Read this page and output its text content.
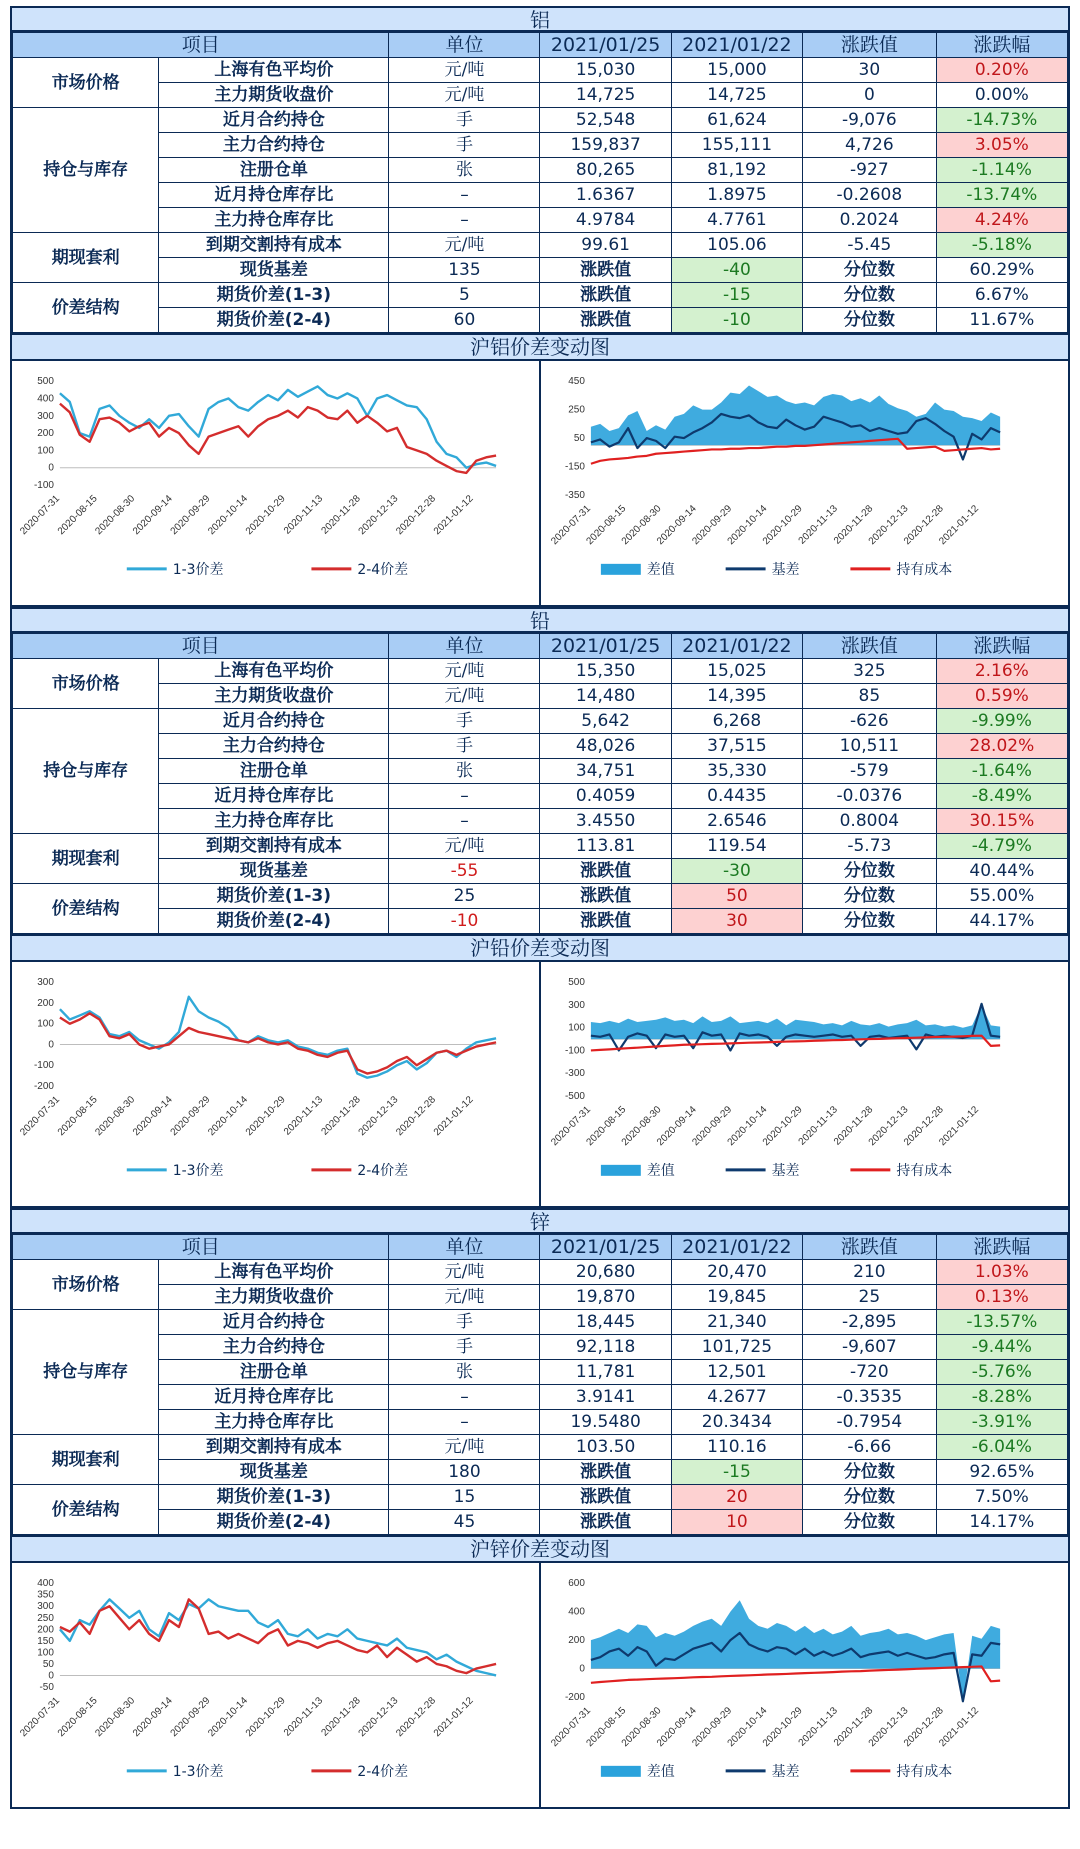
铝
项目		单位	2021/01/25	2021/01/22	涨跌值	涨跌幅
市场价格	上海有色平均价	元/吨	15,030	15,000	30	0.20%
	主力期货收盘价	元/吨	14,725	14,725	0	0.00%
持仓与库存	近月合约持仓	手	52,548	61,624	-9,076	-14.73%
	主力合约持仓	手	159,837	155,111	4,726	3.05%
	注册仓单	张	80,265	81,192	-927	-1.14%
	近月持仓库存比	–	1.6367	1.8975	-0.2608	-13.74%
	主力持仓库存比	–	4.9784	4.7761	0.2024	4.24%
期现套利	到期交割持有成本	元/吨	99.61	105.06	-5.45	-5.18%
	现货基差	135	涨跌值	-40	分位数	60.29%
价差结构	期货价差(1-3)	5	涨跌值	-15	分位数	6.67%
	期货价差(2-4)	60	涨跌值	-10	分位数	11.67%
沪铝价差变动图
-100
0
100
200
300
400
500
2020-07-31
2020-08-15
2020-08-30
2020-09-14
2020-09-29
2020-10-14
2020-10-29
2020-11-13
2020-11-28
2020-12-13
2020-12-28
2021-01-12
1-3价差	2-4价差
-350
-150
50
250
450
2020-07-31
2020-08-15
2020-08-30
2020-09-14
2020-09-29
2020-10-14
2020-10-29
2020-11-13
2020-11-28
2020-12-13
2020-12-28
2021-01-12
差值	基差	持有成本
铅
项目		单位	2021/01/25	2021/01/22	涨跌值	涨跌幅
市场价格	上海有色平均价	元/吨	15,350	15,025	325	2.16%
	主力期货收盘价	元/吨	14,480	14,395	85	0.59%
持仓与库存	近月合约持仓	手	5,642	6,268	-626	-9.99%
	主力合约持仓	手	48,026	37,515	10,511	28.02%
	注册仓单	张	34,751	35,330	-579	-1.64%
	近月持仓库存比	–	0.4059	0.4435	-0.0376	-8.49%
	主力持仓库存比	–	3.4550	2.6546	0.8004	30.15%
期现套利	到期交割持有成本	元/吨	113.81	119.54	-5.73	-4.79%
	现货基差	-55	涨跌值	-30	分位数	40.44%
价差结构	期货价差(1-3)	25	涨跌值	50	分位数	55.00%
	期货价差(2-4)	-10	涨跌值	30	分位数	44.17%
沪铅价差变动图
-200
-100
0
100
200
300
2020-07-31
2020-08-15
2020-08-30
2020-09-14
2020-09-29
2020-10-14
2020-10-29
2020-11-13
2020-11-28
2020-12-13
2020-12-28
2021-01-12
1-3价差	2-4价差
-500
-300
-100
100
300
500
2020-07-31
2020-08-15
2020-08-30
2020-09-14
2020-09-29
2020-10-14
2020-10-29
2020-11-13
2020-11-28
2020-12-13
2020-12-28
2021-01-12
差值	基差	持有成本
锌
项目		单位	2021/01/25	2021/01/22	涨跌值	涨跌幅
市场价格	上海有色平均价	元/吨	20,680	20,470	210	1.03%
	主力期货收盘价	元/吨	19,870	19,845	25	0.13%
持仓与库存	近月合约持仓	手	18,445	21,340	-2,895	-13.57%
	主力合约持仓	手	92,118	101,725	-9,607	-9.44%
	注册仓单	张	11,781	12,501	-720	-5.76%
	近月持仓库存比	–	3.9141	4.2677	-0.3535	-8.28%
	主力持仓库存比	–	19.5480	20.3434	-0.7954	-3.91%
期现套利	到期交割持有成本	元/吨	103.50	110.16	-6.66	-6.04%
	现货基差	180	涨跌值	-15	分位数	92.65%
价差结构	期货价差(1-3)	15	涨跌值	20	分位数	7.50%
	期货价差(2-4)	45	涨跌值	10	分位数	14.17%
沪锌价差变动图
-50
0
50
100
150
200
250
300
350
400
2020-07-31
2020-08-15
2020-08-30
2020-09-14
2020-09-29
2020-10-14
2020-10-29
2020-11-13
2020-11-28
2020-12-13
2020-12-28
2021-01-12
1-3价差	2-4价差
-200
0
200
400
600
2020-07-31
2020-08-15
2020-08-30
2020-09-14
2020-09-29
2020-10-14
2020-10-29
2020-11-13
2020-11-28
2020-12-13
2020-12-28
2021-01-12
差值	基差	持有成本
